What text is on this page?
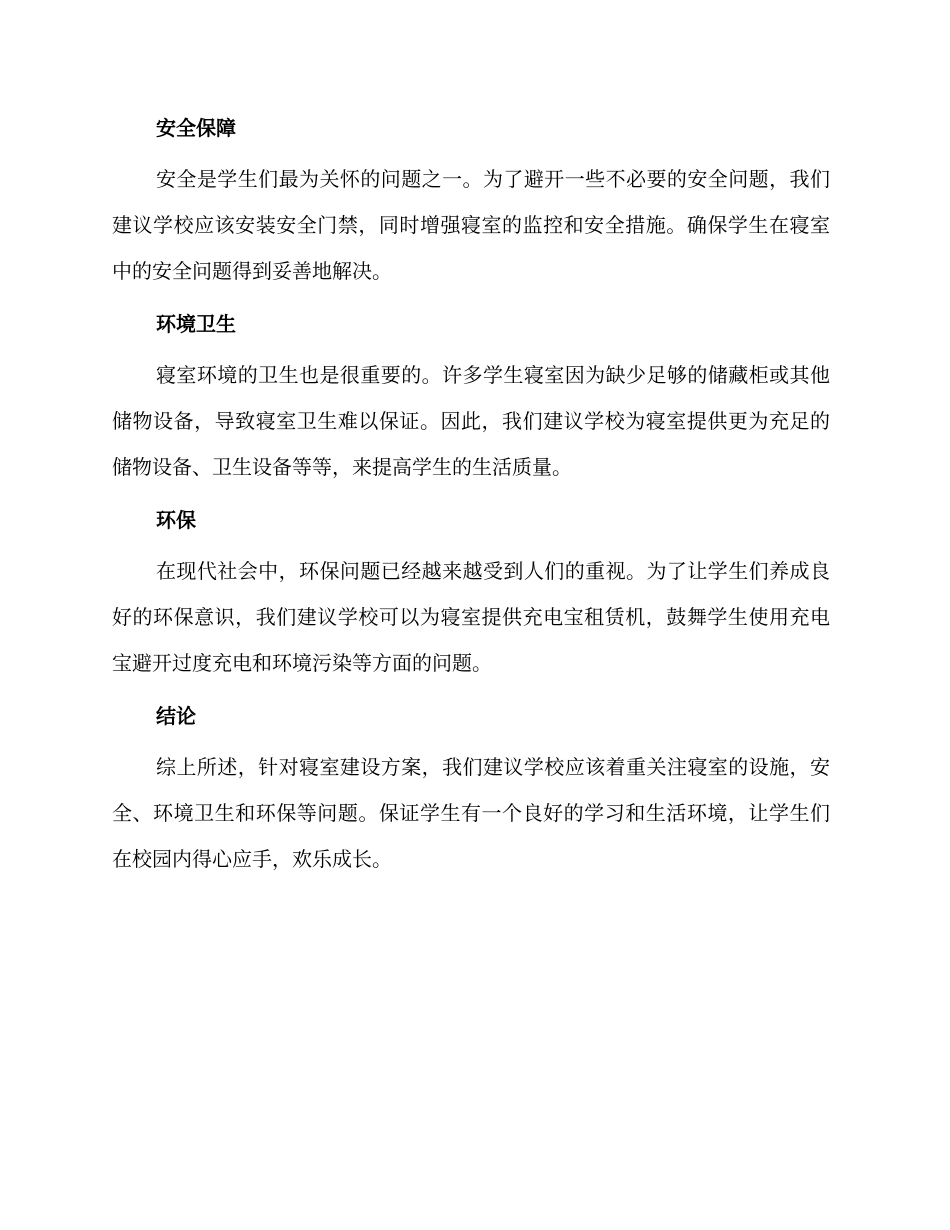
安全保障

安全是学生们最为关怀的问题之一。为了避开一些不必要的安全问题，我们建议学校应该安装安全门禁，同时增强寝室的监控和安全措施。确保学生在寝室中的安全问题得到妥善地解决。

环境卫生

寝室环境的卫生也是很重要的。许多学生寝室因为缺少足够的储藏柜或其他储物设备，导致寝室卫生难以保证。因此，我们建议学校为寝室提供更为充足的储物设备、卫生设备等等，来提高学生的生活质量。

环保

在现代社会中，环保问题已经越来越受到人们的重视。为了让学生们养成良好的环保意识，我们建议学校可以为寝室提供充电宝租赁机，鼓舞学生使用充电宝避开过度充电和环境污染等方面的问题。

结论

综上所述，针对寝室建设方案，我们建议学校应该着重关注寝室的设施，安全、环境卫生和环保等问题。保证学生有一个良好的学习和生活环境，让学生们在校园内得心应手，欢乐成长。
